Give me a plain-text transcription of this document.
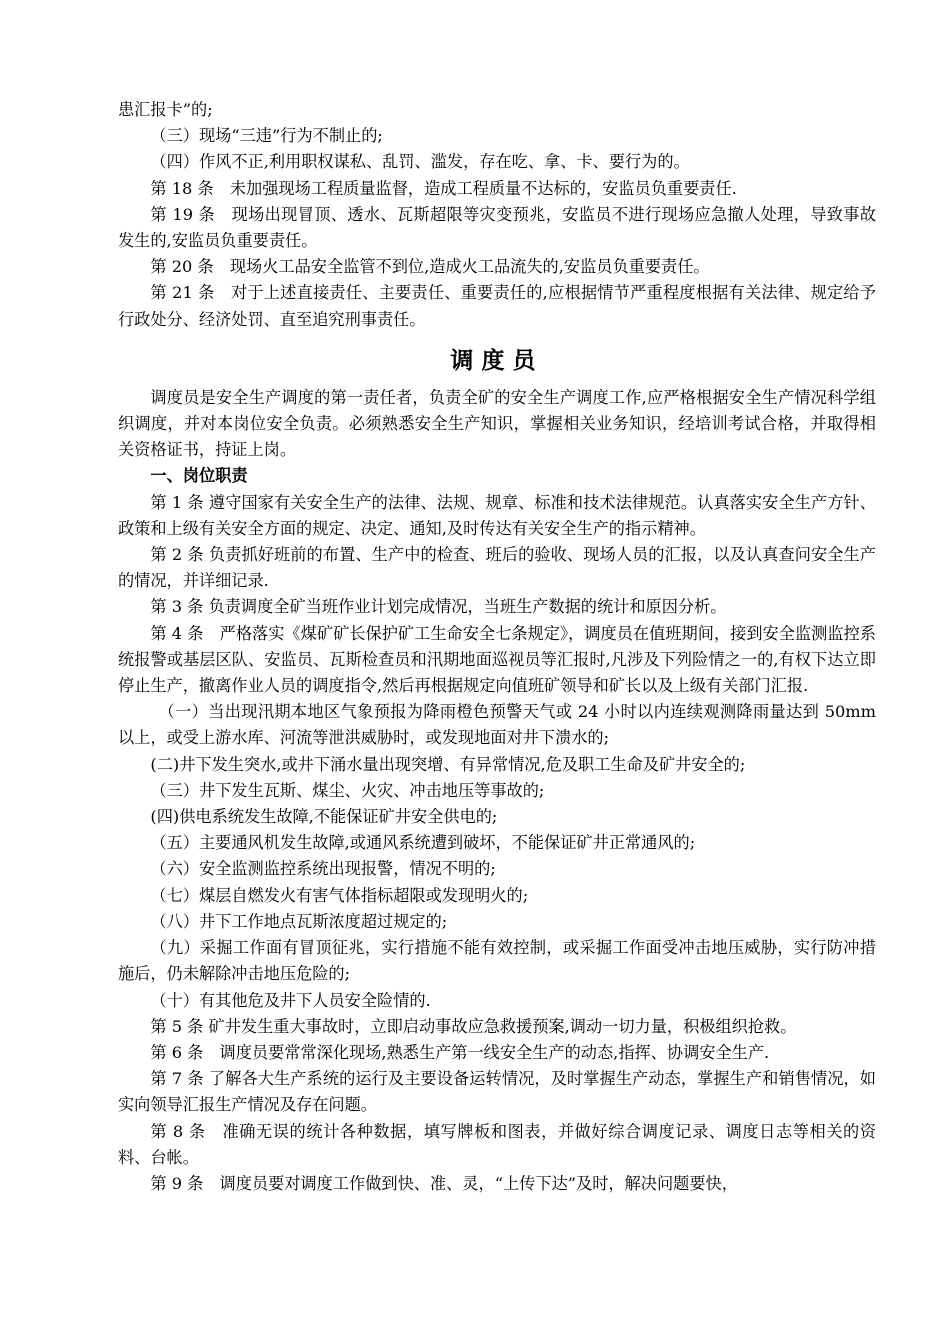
患汇报卡”的;

（三）现场“三违”行为不制止的;

（四）作风不正,利用职权谋私、乱罚、滥发，存在吃、拿、卡、要行为的。

第 18 条　未加强现场工程质量监督，造成工程质量不达标的，安监员负重要责任.

第 19 条　现场出现冒顶、透水、瓦斯超限等灾变预兆，安监员不进行现场应急撤人处理，导致事故发生的,安监员负重要责任。

第 20 条　现场火工品安全监管不到位,造成火工品流失的,安监员负重要责任。

第 21 条　对于上述直接责任、主要责任、重要责任的,应根据情节严重程度根据有关法律、规定给予行政处分、经济处罚、直至追究刑事责任。

调度员

调度员是安全生产调度的第一责任者，负责全矿的安全生产调度工作,应严格根据安全生产情况科学组织调度，并对本岗位安全负责。必须熟悉安全生产知识，掌握相关业务知识，经培训考试合格，并取得相关资格证书，持证上岗。

一、岗位职责

第 1 条 遵守国家有关安全生产的法律、法规、规章、标准和技术法律规范。认真落实安全生产方针、政策和上级有关安全方面的规定、决定、通知,及时传达有关安全生产的指示精神。

第 2 条 负责抓好班前的布置、生产中的检查、班后的验收、现场人员的汇报，以及认真查问安全生产的情况，并详细记录.

第 3 条 负责调度全矿当班作业计划完成情况，当班生产数据的统计和原因分析。

第 4 条　严格落实《煤矿矿长保护矿工生命安全七条规定》，调度员在值班期间，接到安全监测监控系统报警或基层区队、安监员、瓦斯检查员和汛期地面巡视员等汇报时,凡涉及下列险情之一的,有权下达立即停止生产，撤离作业人员的调度指令,然后再根据规定向值班矿领导和矿长以及上级有关部门汇报.

（一）当出现汛期本地区气象预报为降雨橙色预警天气或 24 小时以内连续观测降雨量达到 50mm 以上，或受上游水库、河流等泄洪威胁时，或发现地面对井下溃水的;

(二)井下发生突水,或井下涌水量出现突增、有异常情况,危及职工生命及矿井安全的;

（三）井下发生瓦斯、煤尘、火灾、冲击地压等事故的;

(四)供电系统发生故障,不能保证矿井安全供电的;

（五）主要通风机发生故障,或通风系统遭到破坏，不能保证矿井正常通风的;

（六）安全监测监控系统出现报警，情况不明的;

（七）煤层自燃发火有害气体指标超限或发现明火的;

（八）井下工作地点瓦斯浓度超过规定的;

（九）采掘工作面有冒顶征兆，实行措施不能有效控制，或采掘工作面受冲击地压威胁，实行防冲措施后，仍未解除冲击地压危险的;

（十）有其他危及井下人员安全险情的.

第 5 条 矿井发生重大事故时，立即启动事故应急救援预案,调动一切力量，积极组织抢救。

第 6 条　调度员要常常深化现场,熟悉生产第一线安全生产的动态,指挥、协调安全生产.

第 7 条 了解各大生产系统的运行及主要设备运转情况，及时掌握生产动态，掌握生产和销售情况，如实向领导汇报生产情况及存在问题。

第 8 条　准确无误的统计各种数据，填写牌板和图表，并做好综合调度记录、调度日志等相关的资料、台帐。

第 9 条　调度员要对调度工作做到快、准、灵，“上传下达”及时，解决问题要快，
